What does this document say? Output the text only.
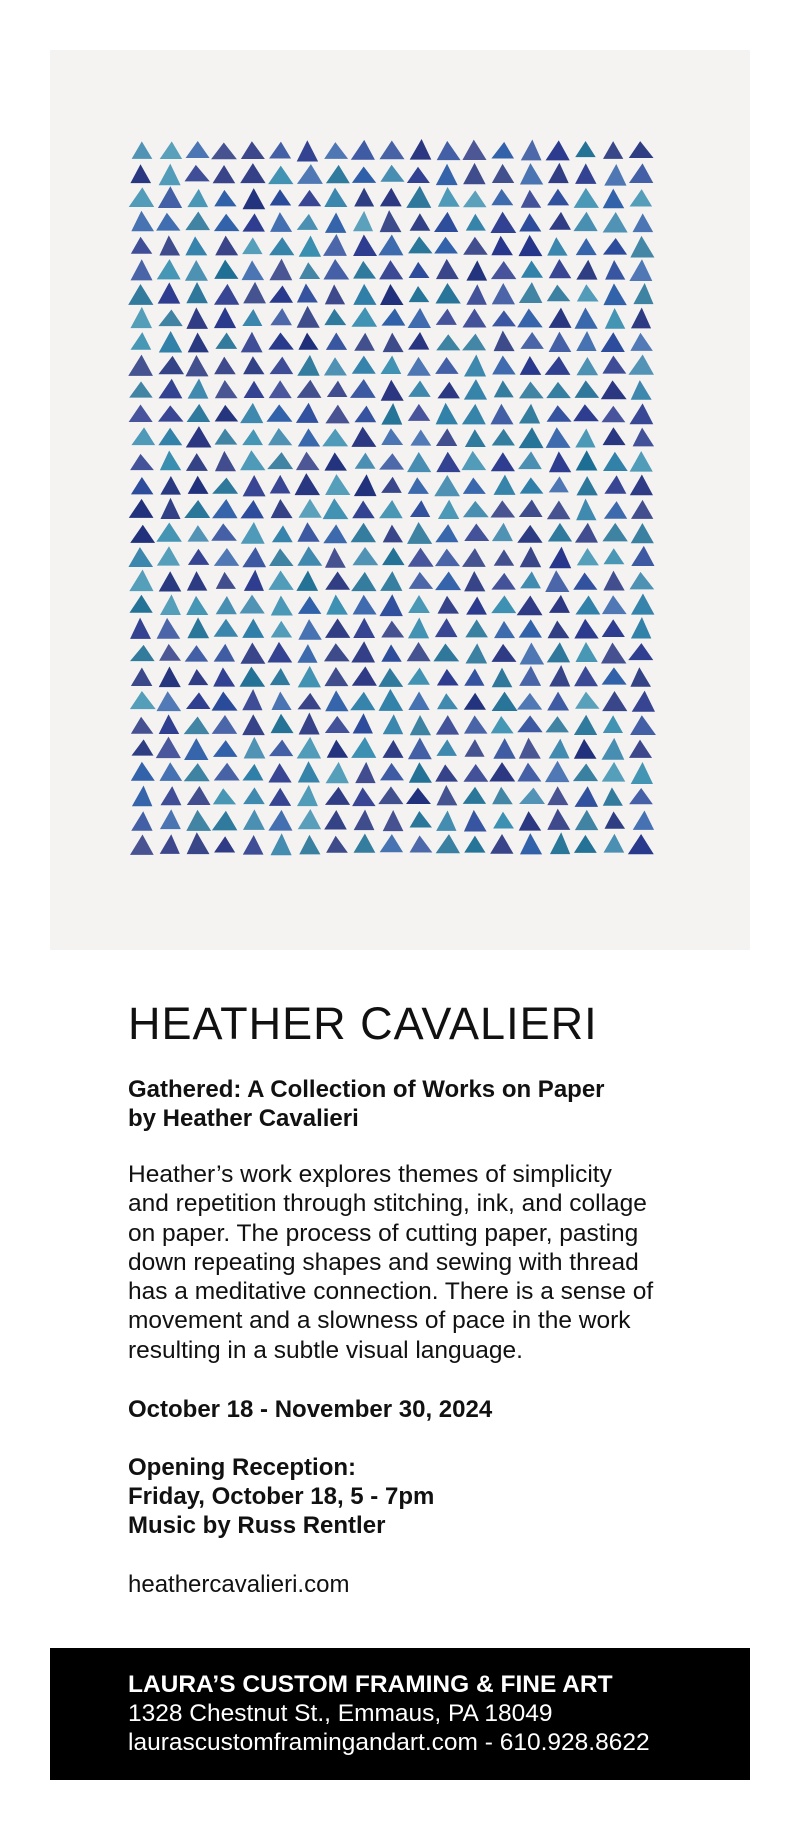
HEATHER CAVALIERI

Gathered: A Collection of Works on Paper

by Heather Cavalieri

Heather’s work explores themes of simplicity
and repetition through stitching, ink, and collage
on paper. The process of cutting paper, pasting
down repeating shapes and sewing with thread
has a meditative connection. There is a sense of
movement and a slowness of pace in the work
resulting in a subtle visual language.

October 18 - November 30, 2024

Opening Reception:

Friday, October 18, 5 - 7pm

Music by Russ Rentler

heathercavalieri.com

LAURA’S CUSTOM FRAMING & FINE ART

1328 Chestnut St., Emmaus, PA 18049

laurascustomframingandart.com - 610.928.8622
